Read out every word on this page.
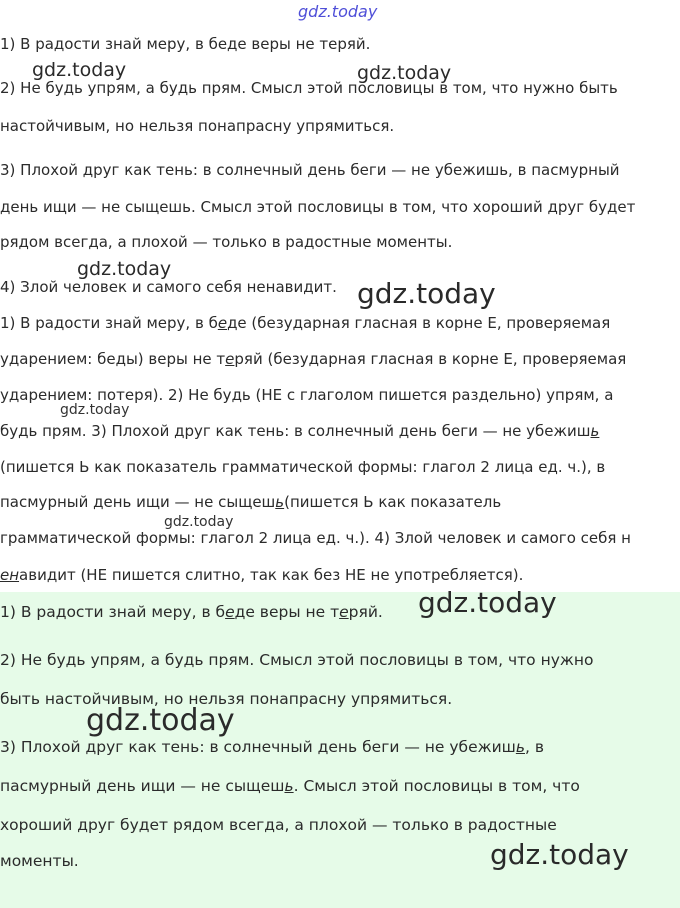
gdz.today
gdz.today	gdz.today
gdz.today
gdz.today
gdz.today
gdz.today
gdz.today
gdz.today
gdz.today
1) В радости знай меру, в беде веры не теряй.
2) Не будь упрям, а будь прям. Смысл этой пословицы в том, что нужно быть
настойчивым, но нельзя понапрасну упрямиться.
3) Плохой друг как тень: в солнечный день беги — не убежишь, в пасмурный
день ищи — не сыщешь. Смысл этой пословицы в том, что хороший друг будет
рядом всегда, а плохой — только в радостные моменты.
4) Злой человек и самого себя ненавидит.
1) В радости знай меру, в беде (безударная гласная в корне Е, проверяемая
ударением: беды) веры не теряй (безударная гласная в корне Е, проверяемая
ударением: потеря). 2) Не будь (НЕ с глаголом пишется раздельно) упрям, а
будь прям. 3) Плохой друг как тень: в солнечный день беги — не убежишь
(пишется Ь как показатель грамматической формы: глагол 2 лица ед. ч.), в
пасмурный день ищи — не сыщешь(пишется Ь как показатель
грамматической формы: глагол 2 лица ед. ч.). 4) Злой человек и самого себя н
енавидит (НЕ пишется слитно, так как без НЕ не употребляется).
1) В радости знай меру, в беде веры не теряй.
2) Не будь упрям, а будь прям. Смысл этой пословицы в том, что нужно
быть настойчивым, но нельзя понапрасну упрямиться.
3) Плохой друг как тень: в солнечный день беги — не убежишь, в
пасмурный день ищи — не сыщешь. Смысл этой пословицы в том, что
хороший друг будет рядом всегда, а плохой — только в радостные
моменты.
